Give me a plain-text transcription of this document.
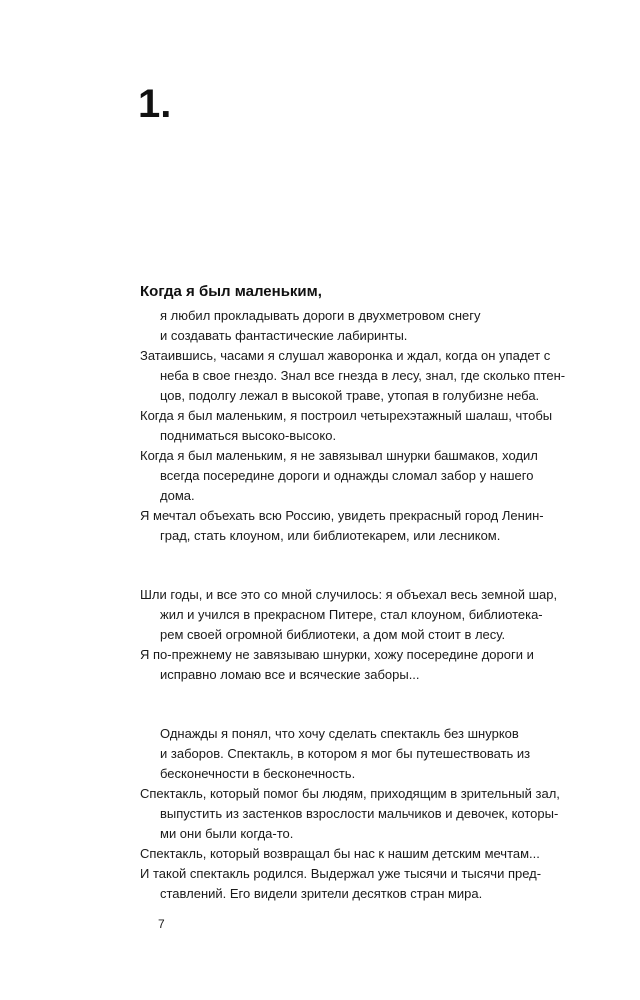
1.
Когда я был маленьким,

я любил прокладывать дороги в двухметровом снегу
и создавать фантастические лабиринты.

Затаившись, часами я слушал жаворонка и ждал, когда он упадет с
неба в свое гнездо. Знал все гнезда в лесу, знал, где сколько птен-
цов, подолгу лежал в высокой траве, утопая в голубизне неба.

Когда я был маленьким, я построил четырехэтажный шалаш, чтобы
подниматься высоко-высоко.

Когда я был маленьким, я не завязывал шнурки башмаков, ходил
всегда посередине дороги и однажды сломал забор у нашего
дома.

Я мечтал объехать всю Россию, увидеть прекрасный город Ленин-
град, стать клоуном, или библиотекарем, или лесником.

Шли годы, и все это со мной случилось: я объехал весь земной шар,
жил и учился в прекрасном Питере, стал клоуном, библиотека-
рем своей огромной библиотеки, а дом мой стоит в лесу.

Я по-прежнему не завязываю шнурки, хожу посередине дороги и
исправно ломаю все и всяческие заборы...

Однажды я понял, что хочу сделать спектакль без шнурков
и заборов. Спектакль, в котором я мог бы путешествовать из
бесконечности в бесконечность.

Спектакль, который помог бы людям, приходящим в зрительный зал,
выпустить из застенков взрослости мальчиков и девочек, которы-
ми они были когда-то.

Спектакль, который возвращал бы нас к нашим детским мечтам...

И такой спектакль родился. Выдержал уже тысячи и тысячи пред-
ставлений. Его видели зрители десятков стран мира.

7
